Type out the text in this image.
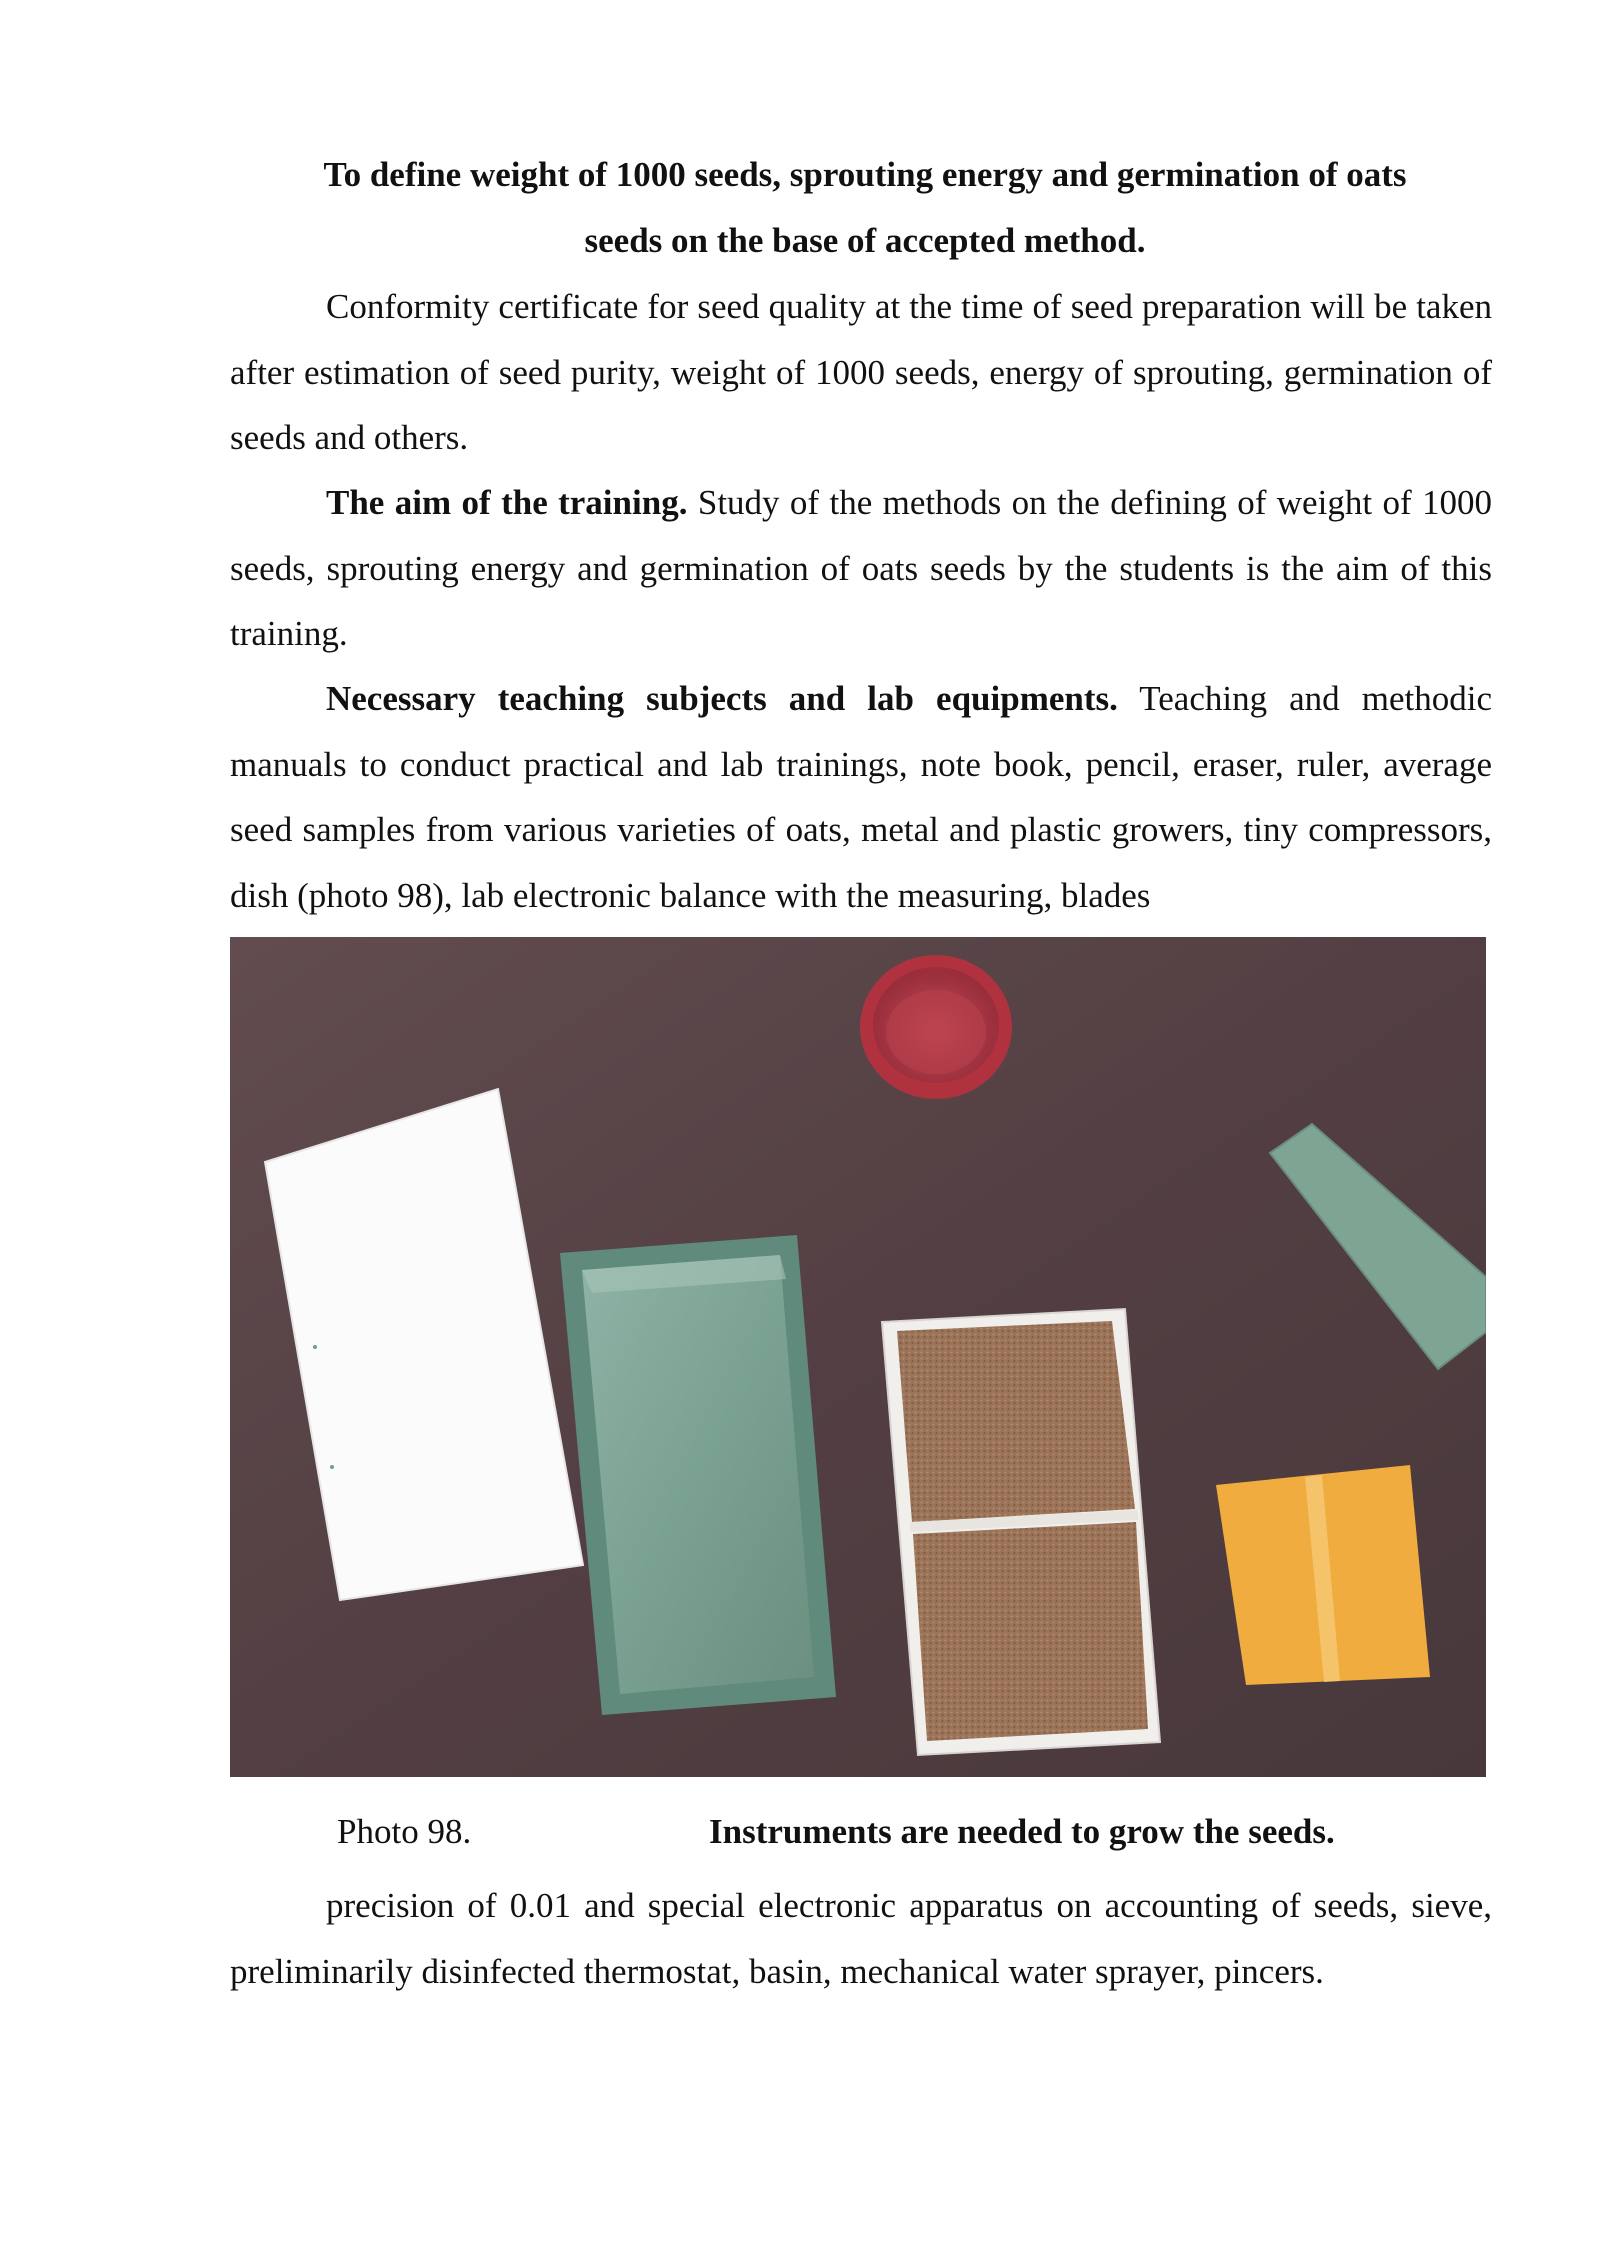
To define weight of 1000 seeds, sprouting energy and germination of oats
seeds on the base of accepted method.

Conformity certificate for seed quality at the time of seed preparation will be taken after estimation of seed purity, weight of 1000 seeds, energy of sprouting, germination of seeds and others.

The aim of the training. Study of the methods on the defining of weight of 1000 seeds, sprouting energy and germination of oats seeds by the students is the aim of this training.

Necessary teaching subjects and lab equipments. Teaching and methodic manuals to conduct practical and lab trainings, note book, pencil, eraser, ruler, average seed samples from various varieties of oats, metal and plastic growers, tiny compressors, dish (photo 98), lab electronic balance with the measuring, blades

Photo 98.	Instruments are needed to grow the seeds.

precision of 0.01 and special electronic apparatus on accounting of seeds, sieve, preliminarily disinfected thermostat, basin, mechanical water sprayer, pincers.
